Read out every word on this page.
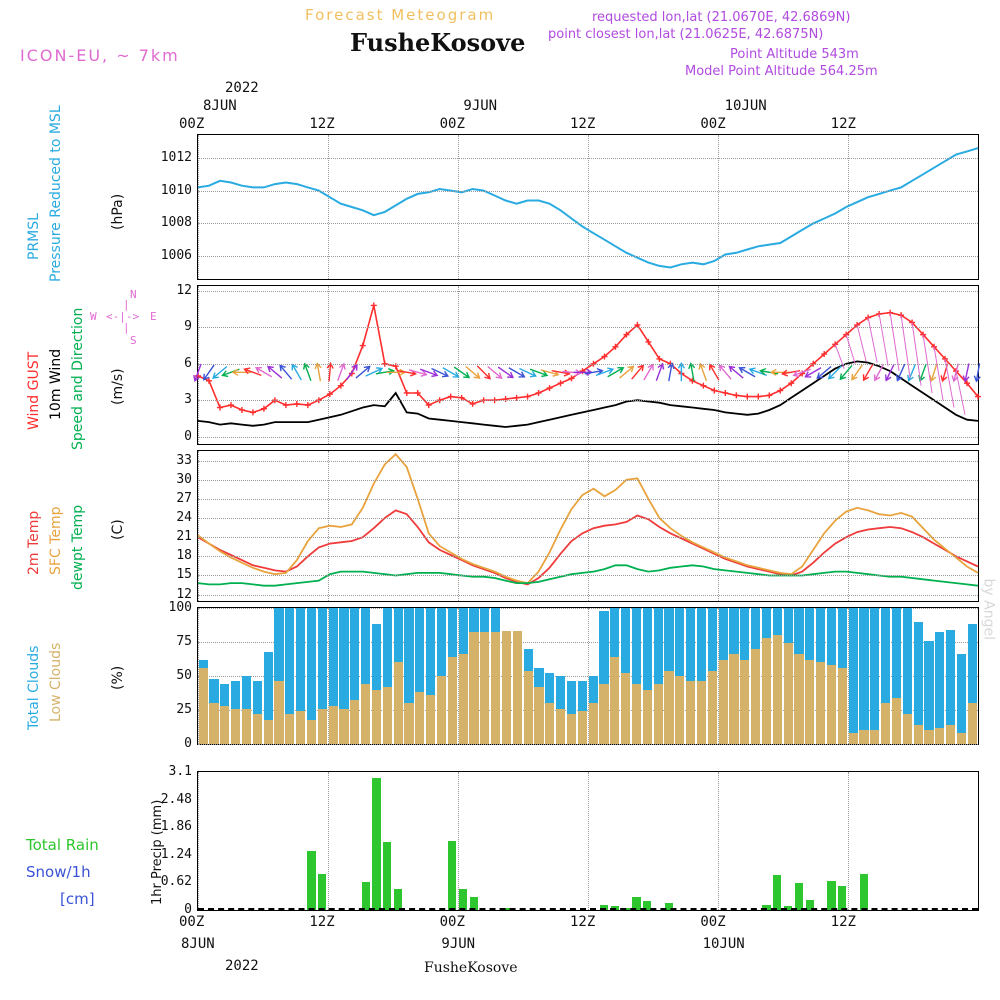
Forecast Meteogram
FusheKosove
ICON-EU, ~ 7km
requested lon,lat (21.0670E, 42.6869N)
point closest lon,lat (21.0625E, 42.6875N)
Point Altitude 543m
Model Point Altitude 564.25m
by Angel
FusheKosove
2022
8JUN	9JUN	10JUN
00Z	12Z	00Z	12Z	00Z	12Z
1006
1008
1010
1012
0
3
6
9
12
12
15
18
21
24
27
30
33
0
25
50
75
100
0
0.62
1.24
1.86
2.48
3.1
PRMSL Pressure Reduced to MSL	(hPa)
Wind GUST 10m Wind Speed and Direction (m/s)
2m Temp SFC Temp dewpt Temp (C)
Total Clouds Low Clouds	(%)
Total Rain
Snow/1h
[cm]	1hr Precip (mm)
8JUN	9JUN	10JUN
00Z	12Z	00Z	12Z	00Z	12Z
2022
N
S
W	E
<-|->
|
|
